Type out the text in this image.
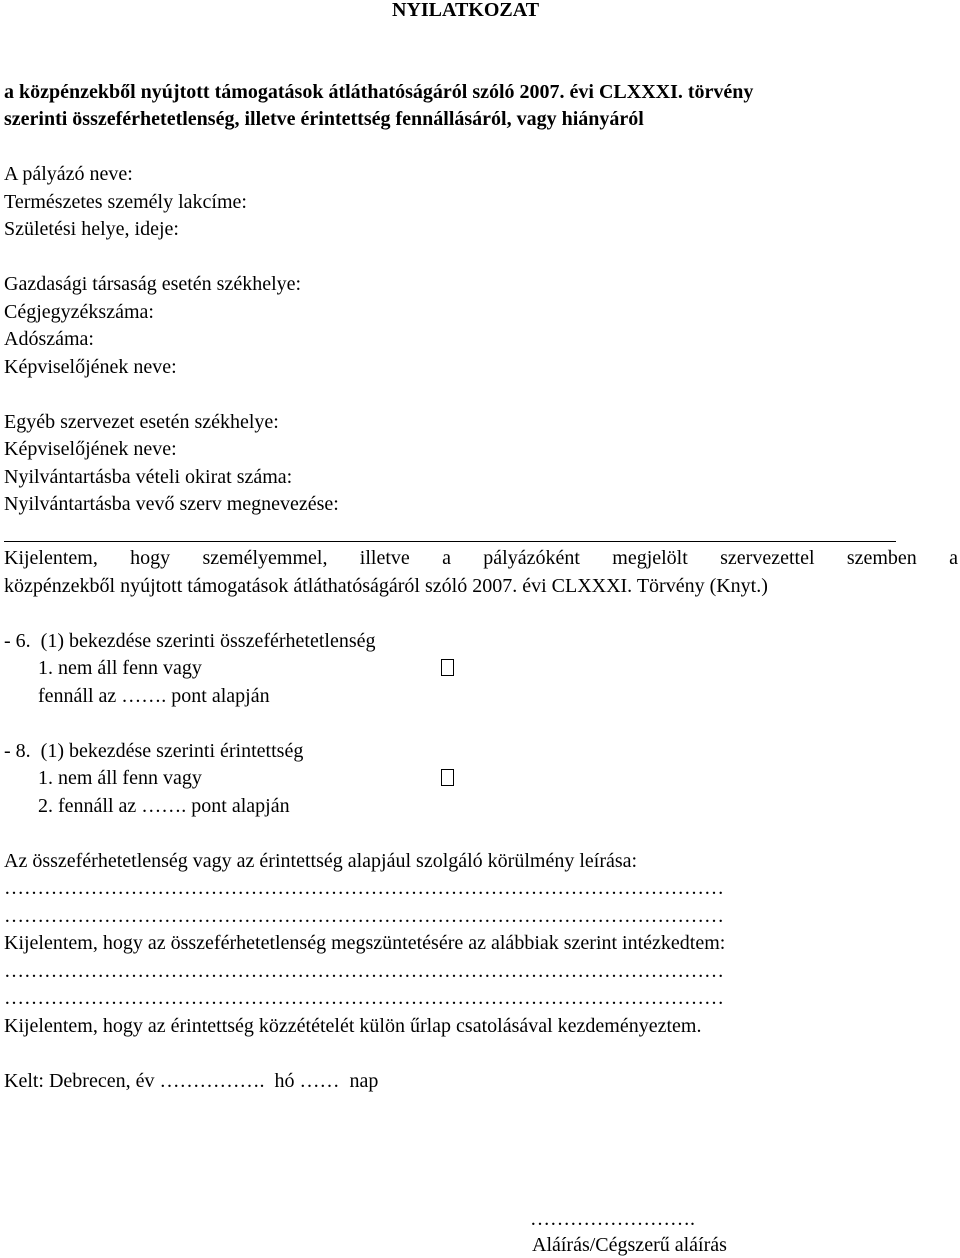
NYILATKOZAT
a közpénzekből nyújtott támogatások átláthatóságáról szóló 2007. évi CLXXXI. törvény
szerinti összeférhetetlenség, illetve érintettség fennállásáról, vagy hiányáról
A pályázó neve:
Természetes személy lakcíme:
Születési helye, ideje:
Gazdasági társaság esetén székhelye:
Cégjegyzékszáma:
Adószáma:
Képviselőjének neve:
Egyéb szervezet esetén székhelye:
Képviselőjének neve:
Nyilvántartásba vételi okirat száma:
Nyilvántartásba vevő szerv megnevezése:
Kijelentem, hogy személyemmel, illetve a pályázóként megjelölt szervezettel szemben a
közpénzekből nyújtott támogatások átláthatóságáról szóló 2007. évi CLXXXI. Törvény (Knyt.)
- 6.  (1) bekezdése szerinti összeférhetetlenség
1. nem áll fenn vagy
fennáll az ……. pont alapján
- 8.  (1) bekezdése szerinti érintettség
1. nem áll fenn vagy
2. fennáll az ……. pont alapján
Az összeférhetetlenség vagy az érintettség alapjául szolgáló körülmény leírása:
………………………………………………………………………………………………
………………………………………………………………………………………………
Kijelentem, hogy az összeférhetetlenség megszüntetésére az alábbiak szerint intézkedtem:
………………………………………………………………………………………………
………………………………………………………………………………………………
Kijelentem, hogy az érintettség közzétételét külön űrlap csatolásával kezdeményeztem.
Kelt: Debrecen, év …………….  hó ……  nap
…………………….
Aláírás/Cégszerű aláírás
